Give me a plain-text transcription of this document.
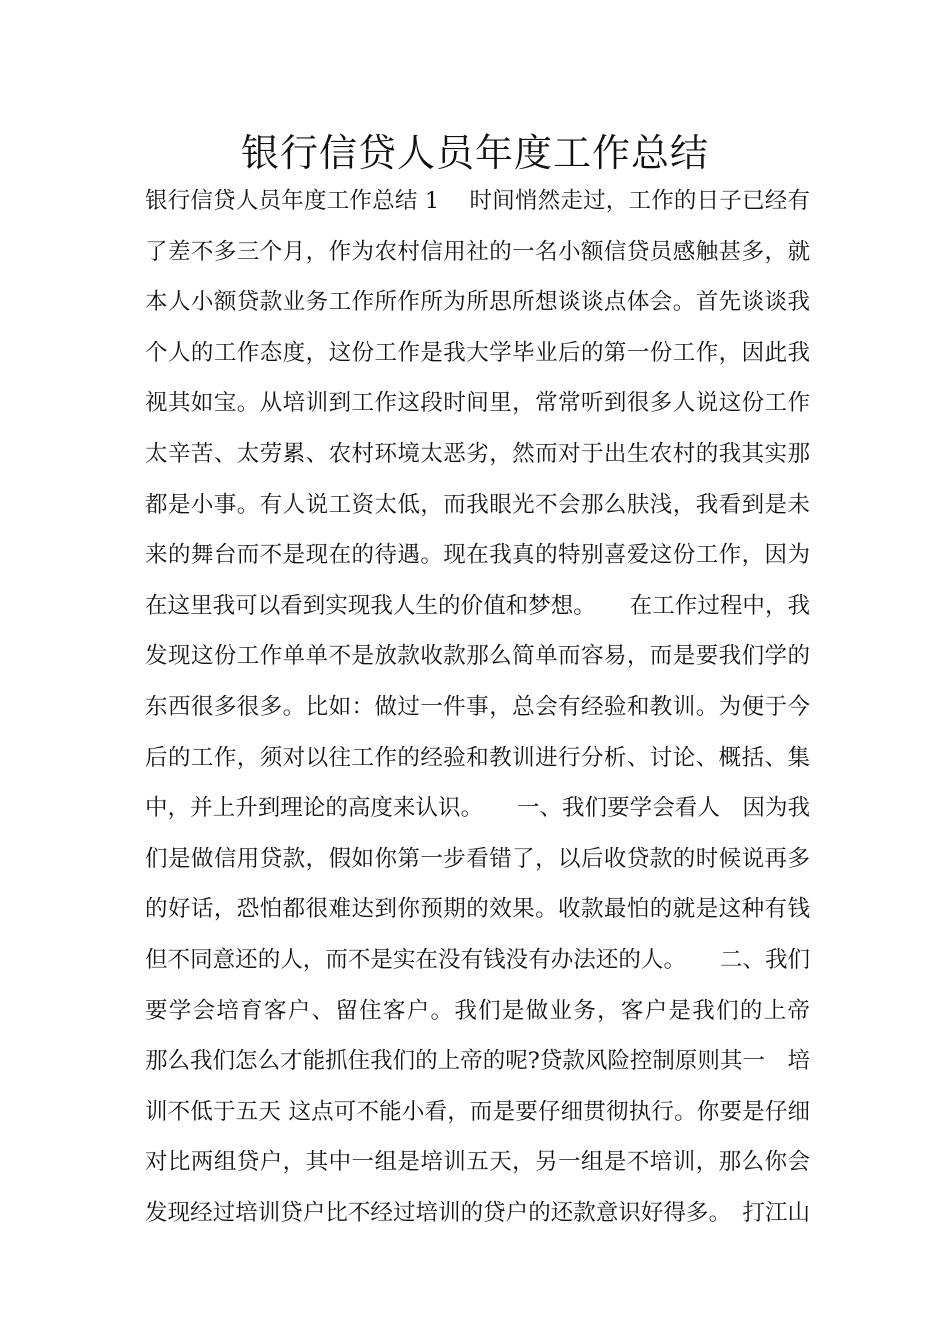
银行信贷人员年度工作总结
银行信贷人员年度工作总结 1　 时间悄然走过，工作的日子已经有
了差不多三个月，作为农村信用社的一名小额信贷员感触甚多，就
本人小额贷款业务工作所作所为所思所想谈谈点体会。首先谈谈我
个人的工作态度，这份工作是我大学毕业后的第一份工作，因此我
视其如宝。从培训到工作这段时间里，常常听到很多人说这份工作
太辛苦、太劳累、农村环境太恶劣，然而对于出生农村的我其实那
都是小事。有人说工资太低，而我眼光不会那么肤浅，我看到是未
来的舞台而不是现在的待遇。现在我真的特别喜爱这份工作，因为
在这里我可以看到实现我人生的价值和梦想。　　在工作过程中，我
发现这份工作单单不是放款收款那么简单而容易，而是要我们学的
东西很多很多。比如：做过一件事，总会有经验和教训。为便于今
后的工作，须对以往工作的经验和教训进行分析、讨论、概括、集
中，并上升到理论的高度来认识。　　一、我们要学会看人　因为我
们是做信用贷款，假如你第一步看错了，以后收贷款的时候说再多
的好话，恐怕都很难达到你预期的效果。收款最怕的就是这种有钱
但不同意还的人，而不是实在没有钱没有办法还的人。　　二、我们
要学会培育客户、留住客户。我们是做业务，客户是我们的上帝
那么我们怎么才能抓住我们的上帝的呢?贷款风险控制原则其一　培
训不低于五天 这点可不能小看，而是要仔细贯彻执行。你要是仔细
对比两组贷户，其中一组是培训五天，另一组是不培训，那么你会
发现经过培训贷户比不经过培训的贷户的还款意识好得多。　打江山
